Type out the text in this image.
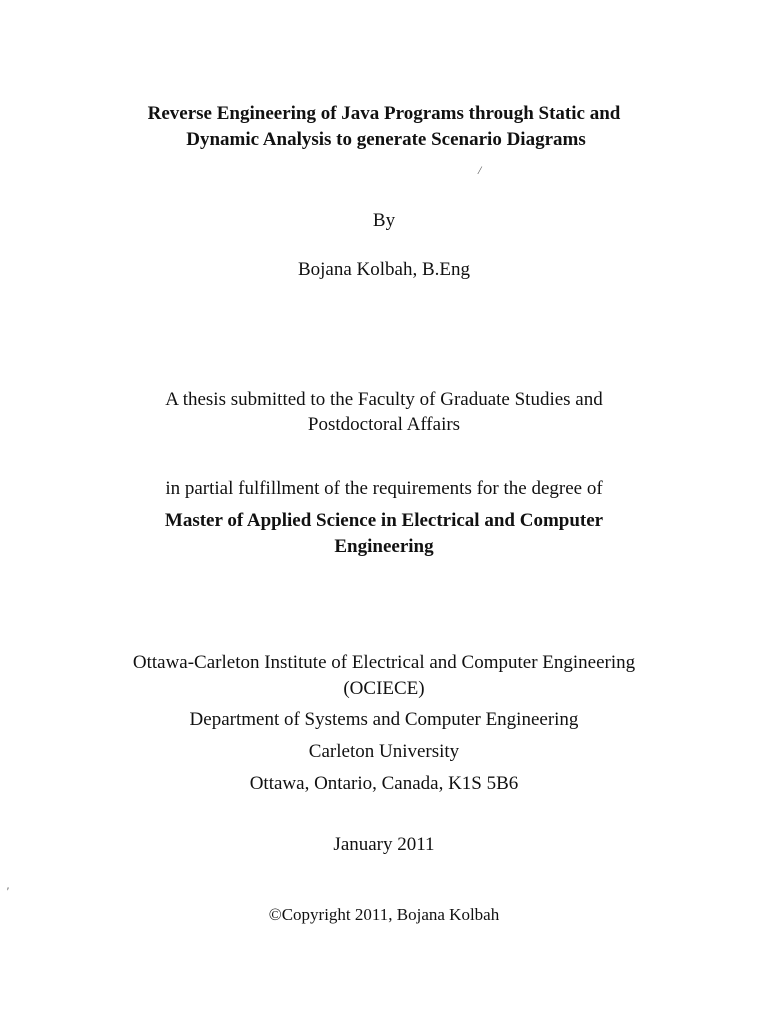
Reverse Engineering of Java Programs through Static and
Dynamic Analysis to generate Scenario Diagrams
/
By
Bojana Kolbah, B.Eng
A thesis submitted to the Faculty of Graduate Studies and
Postdoctoral Affairs
in partial fulfillment of the requirements for the degree of
Master of Applied Science in Electrical and Computer
Engineering
Ottawa-Carleton Institute of Electrical and Computer Engineering
(OCIECE)
Department of Systems and Computer Engineering
Carleton University
Ottawa, Ontario, Canada, K1S 5B6
January 2011
'
©Copyright 2011, Bojana Kolbah
